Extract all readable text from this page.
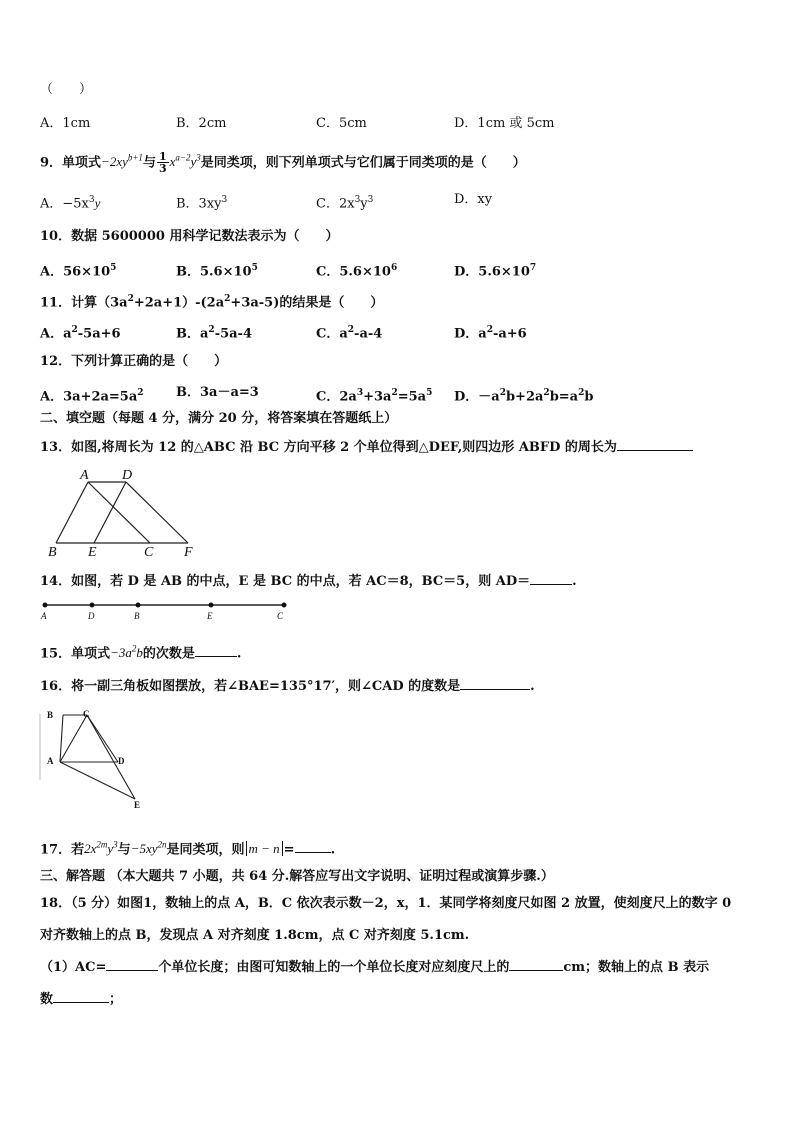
（　　）
A．1cm	B．2cm	C．5cm	D．1cm 或 5cm
9．单项式$-2xy^{b+1}$与 $\frac{1}{3} x^{a-2}y^3$是同类项，则下列单项式与它们属于同类项的是（　　）
A．$-5x^3y$	B．$3xy^3$	C．$2x^3y^3$	D．xy
10．数据 5600000 用科学记数法表示为（　　）
A．$56\times 10^5$	B．$5.6\times 10^5$	C．$5.6\times 10^6$	D．$5.6\times 10^7$
11．计算$(3a^2+2a+1)-(2a^2+3a-5)$的结果是（　　）
A．$a^2-5a+6$	B．$a^2-5a-4$	C．$a^2-a-4$	D．$a^2-a+6$
12．下列计算正确的是（　　）
A．$3a+2a=5a^2$ B．3a－a=3	C．$2a^3+3a^2=5a^5$ D．$-a^2b+2a^2b=a^2b$
二、填空题（每题 4 分，满分 20 分，将答案填在答题纸上）
13．如图,将周长为 12 的△ABC 沿 BC 方向平移 2 个单位得到△DEF,则四边形 ABFD 的周长为
A D
B E	C F
14．如图，若 D 是 AB 的中点，E 是 BC 的中点，若 AC＝8，BC＝5，则 AD＝	.
A	D	B	E	C
15．单项式$-3a^2b$的次数是	.
16．将一副三角板如图摆放，若∠BAE=135°17′，则∠CAD 的度数是	.
B	C
A	D
E
17．若$2x^{2m}y^3$与$-5xy^{2n}$是同类项，则 m − n =	.
三、解答题 （本大题共 7 小题，共 64 分.解答应写出文字说明、证明过程或演算步骤.）
18．（5 分）如图1，数轴上的点 A，B．C 依次表示数－2，x，1．某同学将刻度尺如图 2 放置，使刻度尺上的数字 0
对齐数轴上的点 B，发现点 A 对齐刻度 1.8cm，点 C 对齐刻度 5.1cm.
（1）AC=	个单位长度；由图可知数轴上的一个单位长度对应刻度尺上的	cm；数轴上的点 B 表示
数	；
